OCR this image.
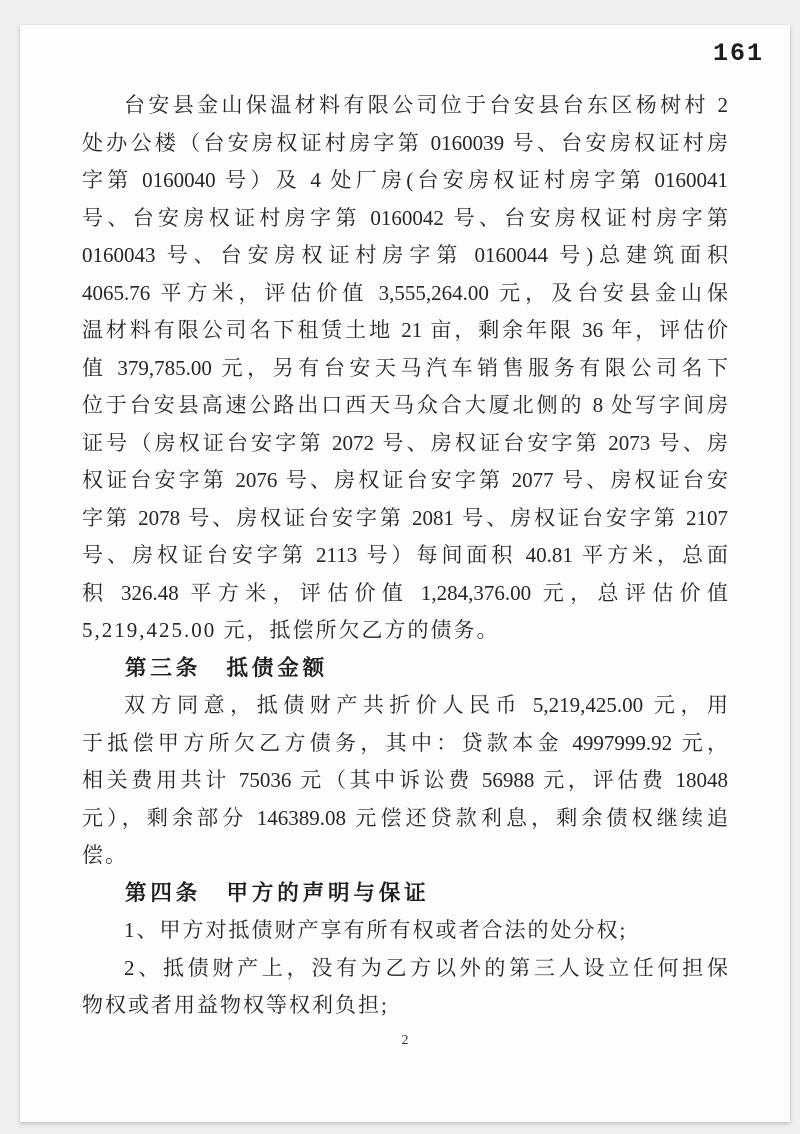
161
台安县金山保温材料有限公司位于台安县台东区杨树村 2
处办公楼（台安房权证村房字第 0160039 号、台安房权证村房
字第 0160040 号）及 4 处厂房(台安房权证村房字第 0160041
号、台安房权证村房字第 0160042 号、台安房权证村房字第
0160043 号、台安房权证村房字第 0160044 号)总建筑面积
4065.76 平方米，评估价值 3,555,264.00 元，及台安县金山保
温材料有限公司名下租赁土地 21 亩，剩余年限 36 年，评估价
值 379,785.00 元，另有台安天马汽车销售服务有限公司名下
位于台安县高速公路出口西天马众合大厦北侧的 8 处写字间房
证号（房权证台安字第 2072 号、房权证台安字第 2073 号、房
权证台安字第 2076 号、房权证台安字第 2077 号、房权证台安
字第 2078 号、房权证台安字第 2081 号、房权证台安字第 2107
号、房权证台安字第 2113 号）每间面积 40.81 平方米，总面
积 326.48 平方米，评估价值 1,284,376.00 元，总评估价值
5,219,425.00 元，抵偿所欠乙方的债务。
第三条　抵债金额
双方同意，抵债财产共折价人民币 5,219,425.00 元，用
于抵偿甲方所欠乙方债务，其中：贷款本金 4997999.92 元，
相关费用共计 75036 元（其中诉讼费 56988 元，评估费 18048
元），剩余部分 146389.08 元偿还贷款利息，剩余债权继续追
偿。
第四条　甲方的声明与保证
1、甲方对抵债财产享有所有权或者合法的处分权;
2、抵债财产上，没有为乙方以外的第三人设立任何担保
物权或者用益物权等权利负担;
2
